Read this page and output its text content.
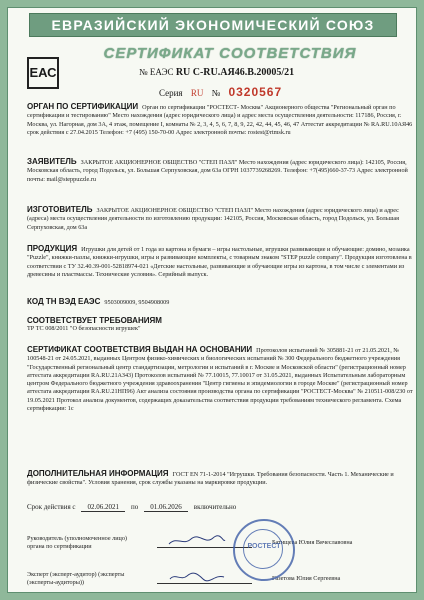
ЕВРАЗИЙСКИЙ ЭКОНОМИЧЕСКИЙ СОЮЗ
ЕАС
СЕРТИФИКАТ СООТВЕТСТВИЯ
№ ЕАЭС RU С-RU.АЯ46.В.20005/21
Серия RU № 0320567
ОРГАН ПО СЕРТИФИКАЦИИ Орган по сертификации "РОСТЕСТ- Москва" Акционерного общества "Региональный орган по сертификации и тестированию" Место нахождения (адрес юридического лица) и адрес места осуществления деятельности: 117186, Россия, г. Москва, ул. Нагорная, дом 3А, 4 этаж, помещение I, комнаты № 2, 3, 4, 5, 6, 7, 8, 9, 22, 42, 44, 45, 46, 47 Аттестат аккредитации № RA.RU.10АЯ46 срок действия с 27.04.2015 Телефон: +7 (495) 150-70-00 Адрес электронной почты: rostest@rtmsk.ru
ЗАЯВИТЕЛЬ ЗАКРЫТОЕ АКЦИОНЕРНОЕ ОБЩЕСТВО "СТЕП ПАЗЛ" Место нахождения (адрес юридического лица): 142105, Россия, Московская область, город Подольск, ул. Большая Серпуховская, дом 63а ОГРН 1037739268269. Телефон: +7(495)660-37-73 Адрес электронной почты: mail@steppuzzle.ru
ИЗГОТОВИТЕЛЬ ЗАКРЫТОЕ АКЦИОНЕРНОЕ ОБЩЕСТВО "СТЕП ПАЗЛ" Место нахождения (адрес юридического лица) и адрес (адреса) места осуществления деятельности по изготовлению продукции: 142105, Россия, Московская область, город Подольск, ул. Большая Серпуховская, дом 63а
ПРОДУКЦИЯ Игрушки для детей от 1 года из картона и бумаги – игры настольные, игрушки развивающие и обучающие: домино, мозаика "Puzzle", книжки-пазлы, книжки-игрушки, игры и развивающие комплекты, с товарным знаком "STEP puzzle company". Продукция изготовлена в соответствии с ТУ 32.40.39-001-52818974-021 «Детские настольные, развивающие и обучающие игры из картона, в том числе с элементами из древесины и пластмассы. Технические условия». Серийный выпуск.
КОД ТН ВЭД ЕАЭС 9503009009, 9504908009
СООТВЕТСТВУЕТ ТРЕБОВАНИЯМ
ТР ТС 008/2011 "О безопасности игрушек"
СЕРТИФИКАТ СООТВЕТСТВИЯ ВЫДАН НА ОСНОВАНИИ Протоколов испытаний № 305881-21 от 21.05.2021, № 100548-21 от 24.05.2021, выданных Центром физико-химических и биологических испытаний № 300 Федерального бюджетного учреждения "Государственный региональный центр стандартизации, метрологии и испытаний в г. Москве и Московской области" (регистрационный номер аттестата аккредитации RA.RU.21АЗ43) Протоколов испытаний № 77.10015, 77.10017 от 31.05.2021, выданных Испытательным лабораторным центром Федерального бюджетного учреждения здравоохранения "Центр гигиены и эпидемиологии в городе Москве" (регистрационный номер аттестата аккредитации RA.RU.21НП96) Акт анализа состояния производства органа по сертификации "РОСТЕСТ-Москва" № 210511-008/230 от 19.05.2021 Протокол анализа документов, содержащих доказательства соответствия продукции требованиям технического регламента. Схема сертификации: 1с
ДОПОЛНИТЕЛЬНАЯ ИНФОРМАЦИЯ ГОСТ EN 71-1-2014 "Игрушки. Требования безопасности. Часть 1. Механические и физические свойства". Условия хранения, срок службы указаны на маркировке продукции.
Срок действия с 02.06.2021 по 01.06.2026 включительно
Руководитель (уполномоченное лицо) органа по сертификации
Батищева Юлия Вячеславовна
Эксперт (эксперт-аудитор) (эксперты (эксперты-аудиторы))
Газетова Юлия Сергеевна
РОСТЕСТ
